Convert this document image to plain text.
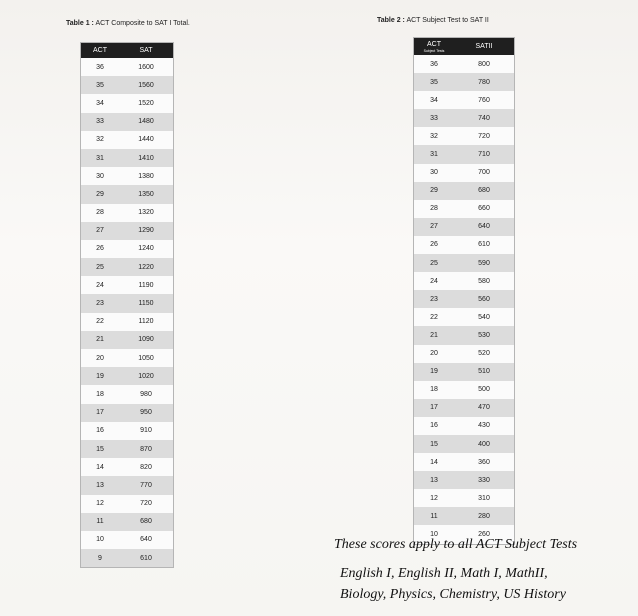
Table 1 : ACT Composite to SAT I Total.
ACT	SAT
36	1600
35	1560
34	1520
33	1480
32	1440
31	1410
30	1380
29	1350
28	1320
27	1290
26	1240
25	1220
24	1190
23	1150
22	1120
21	1090
20	1050
19	1020
18	980
17	950
16	910
15	870
14	820
13	770
12	720
11	680
10	640
9	610
Table 2 : ACT Subject Test to SAT II
ACT
Subject Tests	SATII
36	800
35	780
34	760
33	740
32	720
31	710
30	700
29	680
28	660
27	640
26	610
25	590
24	580
23	560
22	540
21	530
20	520
19	510
18	500
17	470
16	430
15	400
14	360
13	330
12	310
11	280
10	260
These scores apply to all ACT Subject Tests
English I, English II, Math I, MathII,
Biology, Physics, Chemistry, US History
